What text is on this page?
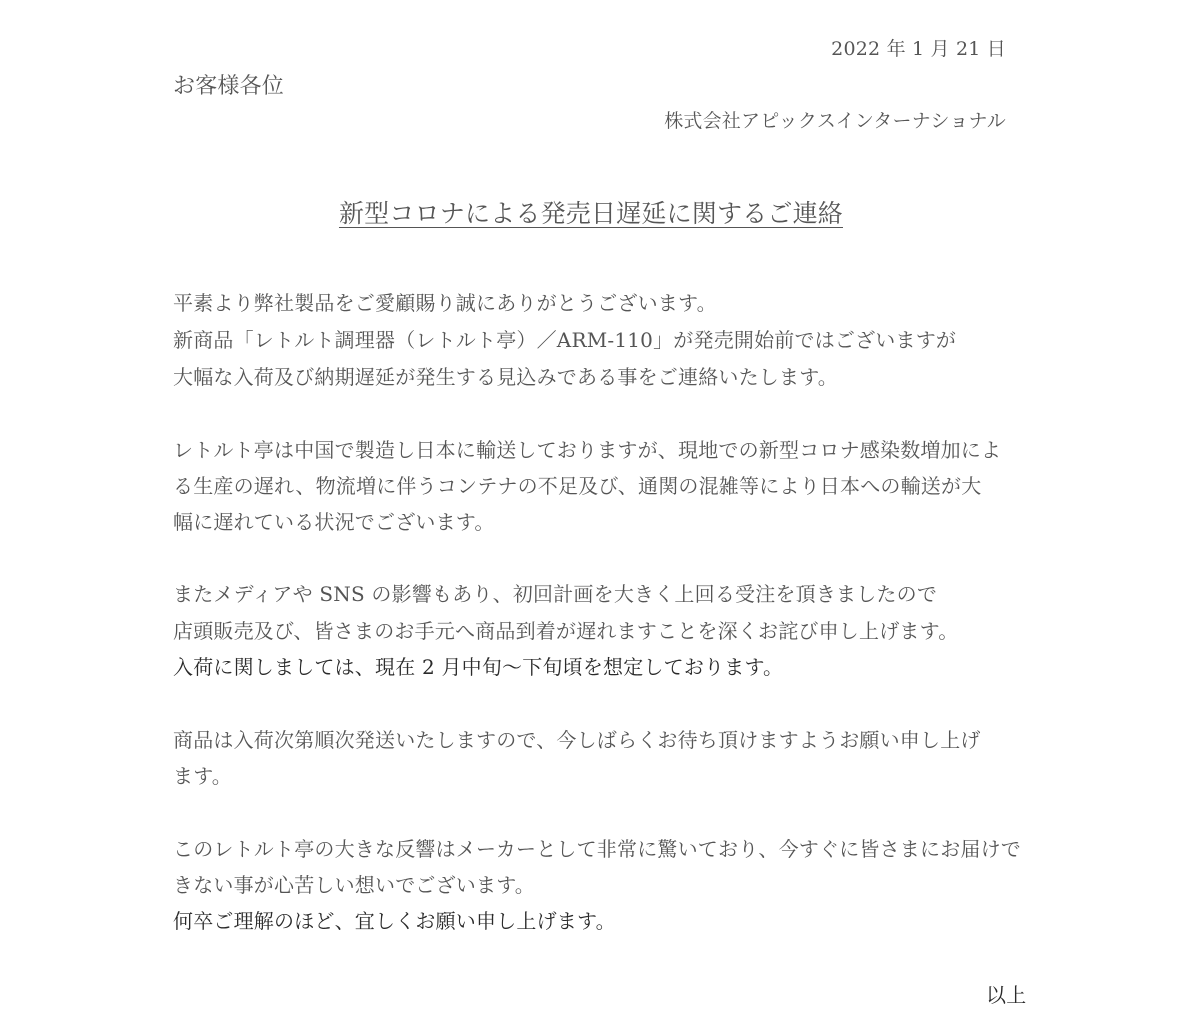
2022 年 1 月 21 日
お客様各位
株式会社アピックスインターナショナル
新型コロナによる発売日遅延に関するご連絡
平素より弊社製品をご愛顧賜り誠にありがとうございます。
新商品「レトルト調理器（レトルト亭）／ARM-110」が発売開始前ではございますが
大幅な入荷及び納期遅延が発生する見込みである事をご連絡いたします。
レトルト亭は中国で製造し日本に輸送しておりますが、現地での新型コロナ感染数増加によ
る生産の遅れ、物流増に伴うコンテナの不足及び、通関の混雑等により日本への輸送が大
幅に遅れている状況でございます。
またメディアや SNS の影響もあり、初回計画を大きく上回る受注を頂きましたので
店頭販売及び、皆さまのお手元へ商品到着が遅れますことを深くお詫び申し上げます。
入荷に関しましては、現在 2 月中旬～下旬頃を想定しております。
商品は入荷次第順次発送いたしますので、今しばらくお待ち頂けますようお願い申し上げ
ます。
このレトルト亭の大きな反響はメーカーとして非常に驚いており、今すぐに皆さまにお届けで
きない事が心苦しい想いでございます。
何卒ご理解のほど、宜しくお願い申し上げます。
以上
